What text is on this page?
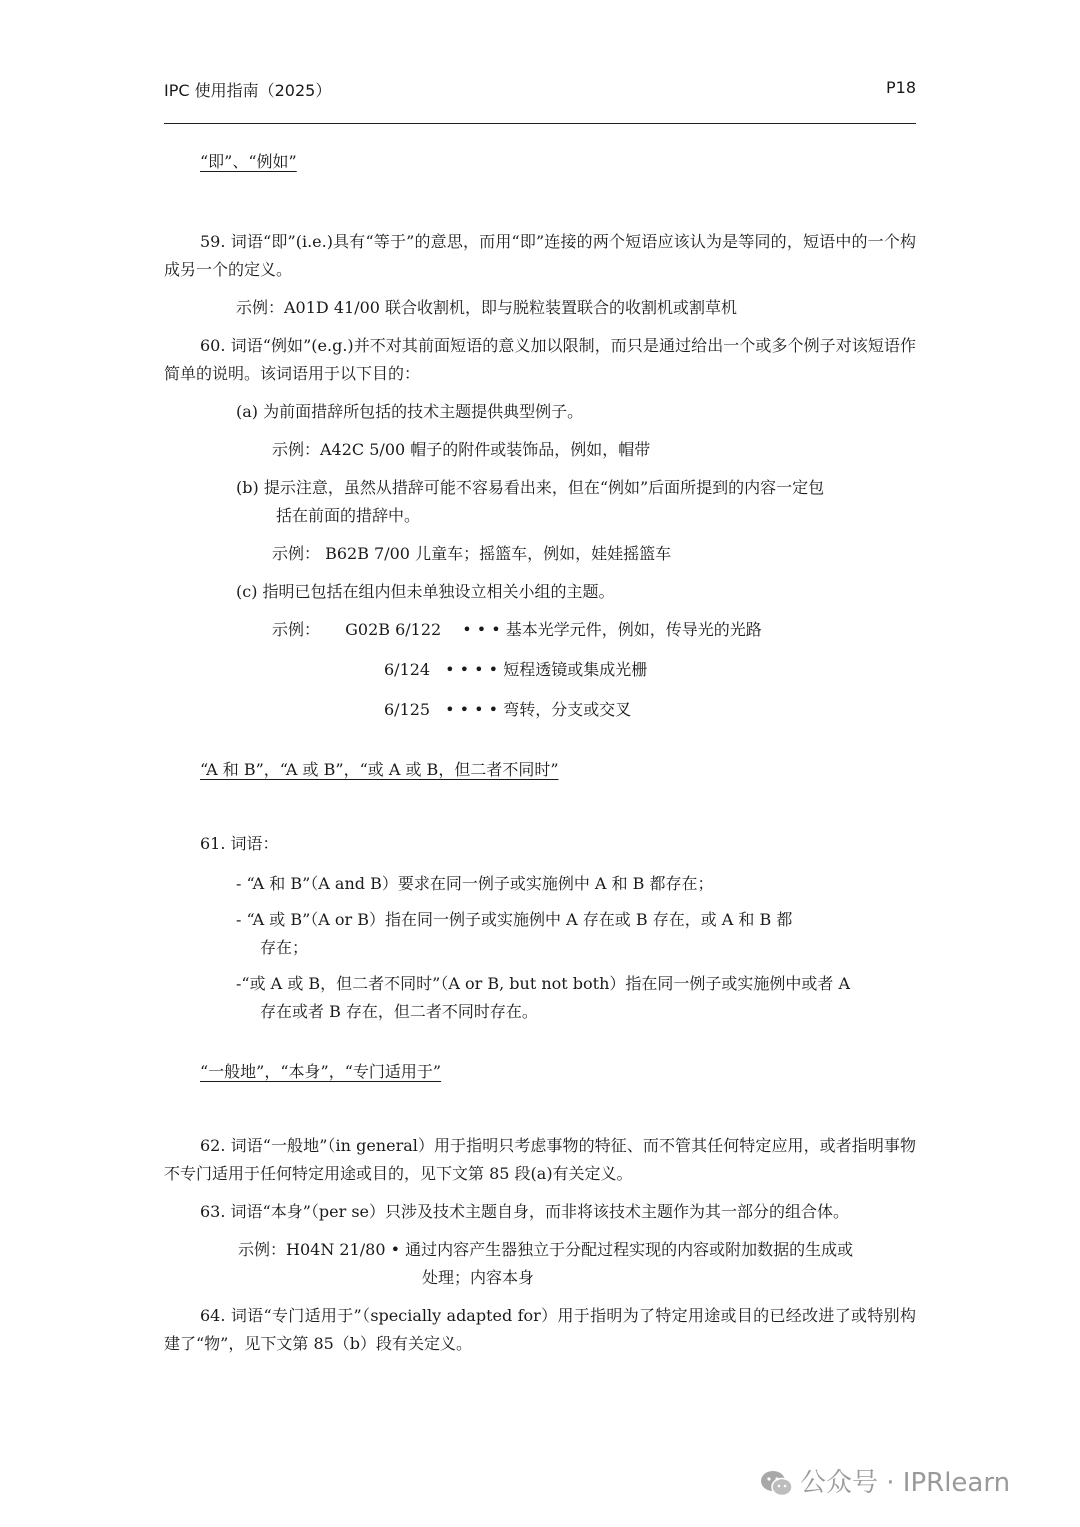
IPC 使用指南（2025）	P18
“即”、“例如”

59. 词语“即”(i.e.)具有“等于”的意思，而用“即”连接的两个短语应该认为是等同的，短语中的一个构成另一个的定义。

示例：A01D 41/00 联合收割机，即与脱粒装置联合的收割机或割草机

60. 词语“例如”(e.g.)并不对其前面短语的意义加以限制，而只是通过给出一个或多个例子对该短语作简单的说明。该词语用于以下目的：

(a) 为前面措辞所包括的技术主题提供典型例子。
示例：A42C 5/00 帽子的附件或装饰品，例如，帽带
(b) 提示注意，虽然从措辞可能不容易看出来，但在“例如”后面所提到的内容一定包
括在前面的措辞中。
示例： B62B 7/00 儿童车；摇篮车，例如，娃娃摇篮车
(c) 指明已包括在组内但未单独设立相关小组的主题。
示例： G02B 6/122 • • • 基本光学元件，例如，传导光的光路
6/124 • • • • 短程透镜或集成光栅
6/125 • • • • 弯转，分支或交叉
“A 和 B”，“A 或 B”，“或 A 或 B，但二者不同时”

61. 词语：

- “A 和 B”（A and B）要求在同一例子或实施例中 A 和 B 都存在；
- “A 或 B”（A or B）指在同一例子或实施例中 A 存在或 B 存在，或 A 和 B 都
存在；
-“或 A 或 B，但二者不同时”（A or B, but not both）指在同一例子或实施例中或者 A
存在或者 B 存在，但二者不同时存在。
“一般地”，“本身”，“专门适用于”

62. 词语“一般地”（in general）用于指明只考虑事物的特征、而不管其任何特定应用，或者指明事物不专门适用于任何特定用途或目的，见下文第 85 段(a)有关定义。

63. 词语“本身”（per se）只涉及技术主题自身，而非将该技术主题作为其一部分的组合体。

示例：H04N 21/80 • 通过内容产生器独立于分配过程实现的内容或附加数据的生成或
处理；内容本身

64. 词语“专门适用于”（specially adapted for）用于指明为了特定用途或目的已经改进了或特别构建了“物”，见下文第 85（b）段有关定义。

公众号 · IPRlearn
